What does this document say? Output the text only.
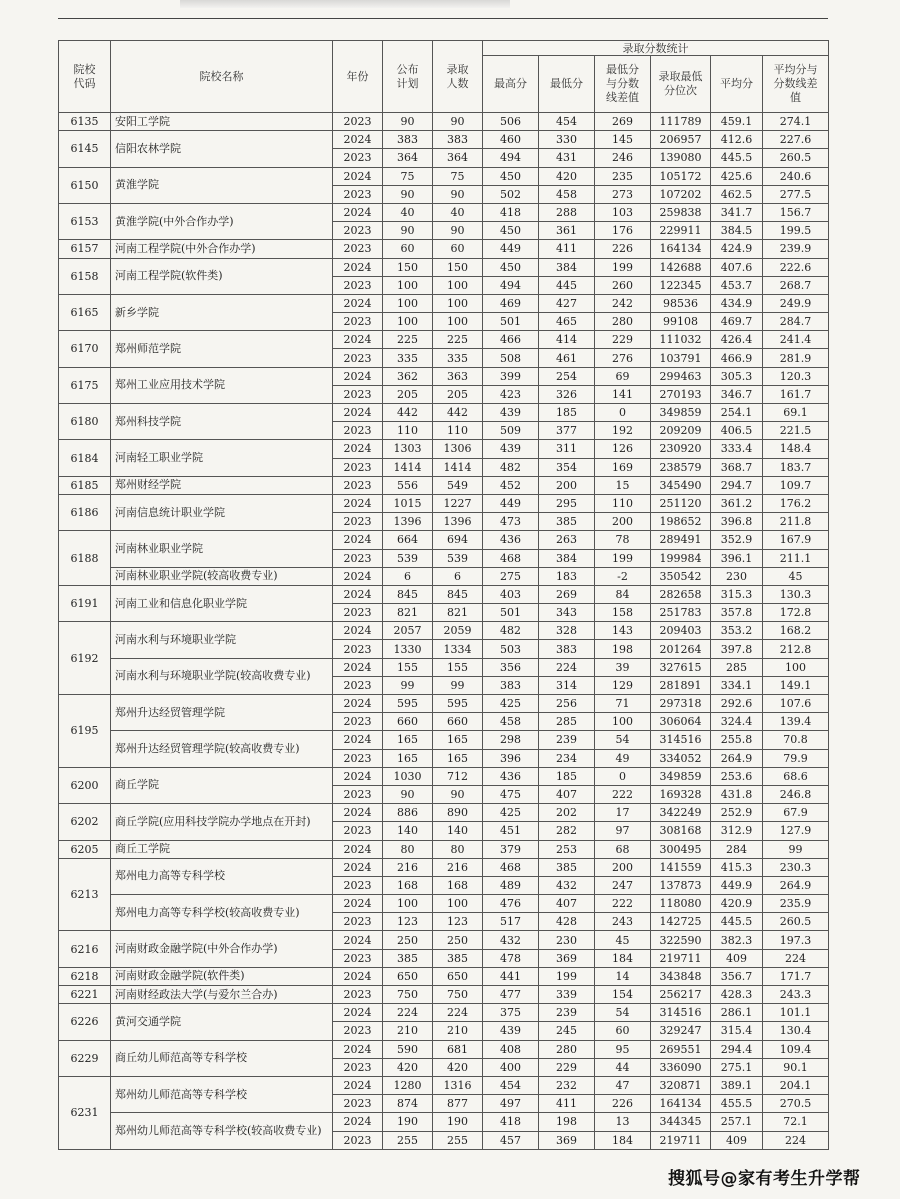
院校代码	院校名称	年份	公布计划	录取人数	录取分数统计					
					最高分	最低分	最低分与分数线差值	录取最低分位次	平均分	平均分与分数线差值
6135	安阳工学院	2023	90	90	506	454	269	111789	459.1	274.1
6145	信阳农林学院	2024	383	383	460	330	145	206957	412.6	227.6
		2023	364	364	494	431	246	139080	445.5	260.5
6150	黄淮学院	2024	75	75	450	420	235	105172	425.6	240.6
		2023	90	90	502	458	273	107202	462.5	277.5
6153	黄淮学院(中外合作办学)	2024	40	40	418	288	103	259838	341.7	156.7
		2023	90	90	450	361	176	229911	384.5	199.5
6157	河南工程学院(中外合作办学)	2023	60	60	449	411	226	164134	424.9	239.9
6158	河南工程学院(软件类)	2024	150	150	450	384	199	142688	407.6	222.6
		2023	100	100	494	445	260	122345	453.7	268.7
6165	新乡学院	2024	100	100	469	427	242	98536	434.9	249.9
		2023	100	100	501	465	280	99108	469.7	284.7
6170	郑州师范学院	2024	225	225	466	414	229	111032	426.4	241.4
		2023	335	335	508	461	276	103791	466.9	281.9
6175	郑州工业应用技术学院	2024	362	363	399	254	69	299463	305.3	120.3
		2023	205	205	423	326	141	270193	346.7	161.7
6180	郑州科技学院	2024	442	442	439	185	0	349859	254.1	69.1
		2023	110	110	509	377	192	209209	406.5	221.5
6184	河南轻工职业学院	2024	1303	1306	439	311	126	230920	333.4	148.4
		2023	1414	1414	482	354	169	238579	368.7	183.7
6185	郑州财经学院	2023	556	549	452	200	15	345490	294.7	109.7
6186	河南信息统计职业学院	2024	1015	1227	449	295	110	251120	361.2	176.2
		2023	1396	1396	473	385	200	198652	396.8	211.8
6188	河南林业职业学院	2024	664	694	436	263	78	289491	352.9	167.9
		2023	539	539	468	384	199	199984	396.1	211.1
	河南林业职业学院(较高收费专业)	2024	6	6	275	183	-2	350542	230	45
6191	河南工业和信息化职业学院	2024	845	845	403	269	84	282658	315.3	130.3
		2023	821	821	501	343	158	251783	357.8	172.8
6192	河南水利与环境职业学院	2024	2057	2059	482	328	143	209403	353.2	168.2
		2023	1330	1334	503	383	198	201264	397.8	212.8
	河南水利与环境职业学院(较高收费专业)	2024	155	155	356	224	39	327615	285	100
		2023	99	99	383	314	129	281891	334.1	149.1
6195	郑州升达经贸管理学院	2024	595	595	425	256	71	297318	292.6	107.6
		2023	660	660	458	285	100	306064	324.4	139.4
	郑州升达经贸管理学院(较高收费专业)	2024	165	165	298	239	54	314516	255.8	70.8
		2023	165	165	396	234	49	334052	264.9	79.9
6200	商丘学院	2024	1030	712	436	185	0	349859	253.6	68.6
		2023	90	90	475	407	222	169328	431.8	246.8
6202	商丘学院(应用科技学院办学地点在开封)	2024	886	890	425	202	17	342249	252.9	67.9
		2023	140	140	451	282	97	308168	312.9	127.9
6205	商丘工学院	2024	80	80	379	253	68	300495	284	99
6213	郑州电力高等专科学校	2024	216	216	468	385	200	141559	415.3	230.3
		2023	168	168	489	432	247	137873	449.9	264.9
	郑州电力高等专科学校(较高收费专业)	2024	100	100	476	407	222	118080	420.9	235.9
		2023	123	123	517	428	243	142725	445.5	260.5
6216	河南财政金融学院(中外合作办学)	2024	250	250	432	230	45	322590	382.3	197.3
		2023	385	385	478	369	184	219711	409	224
6218	河南财政金融学院(软件类)	2024	650	650	441	199	14	343848	356.7	171.7
6221	河南财经政法大学(与爱尔兰合办)	2023	750	750	477	339	154	256217	428.3	243.3
6226	黄河交通学院	2024	224	224	375	239	54	314516	286.1	101.1
		2023	210	210	439	245	60	329247	315.4	130.4
6229	商丘幼儿师范高等专科学校	2024	590	681	408	280	95	269551	294.4	109.4
		2023	420	420	400	229	44	336090	275.1	90.1
6231	郑州幼儿师范高等专科学校	2024	1280	1316	454	232	47	320871	389.1	204.1
		2023	874	877	497	411	226	164134	455.5	270.5
	郑州幼儿师范高等专科学校(较高收费专业)	2024	190	190	418	198	13	344345	257.1	72.1
		2023	255	255	457	369	184	219711	409	224
搜狐号@家有考生升学帮
